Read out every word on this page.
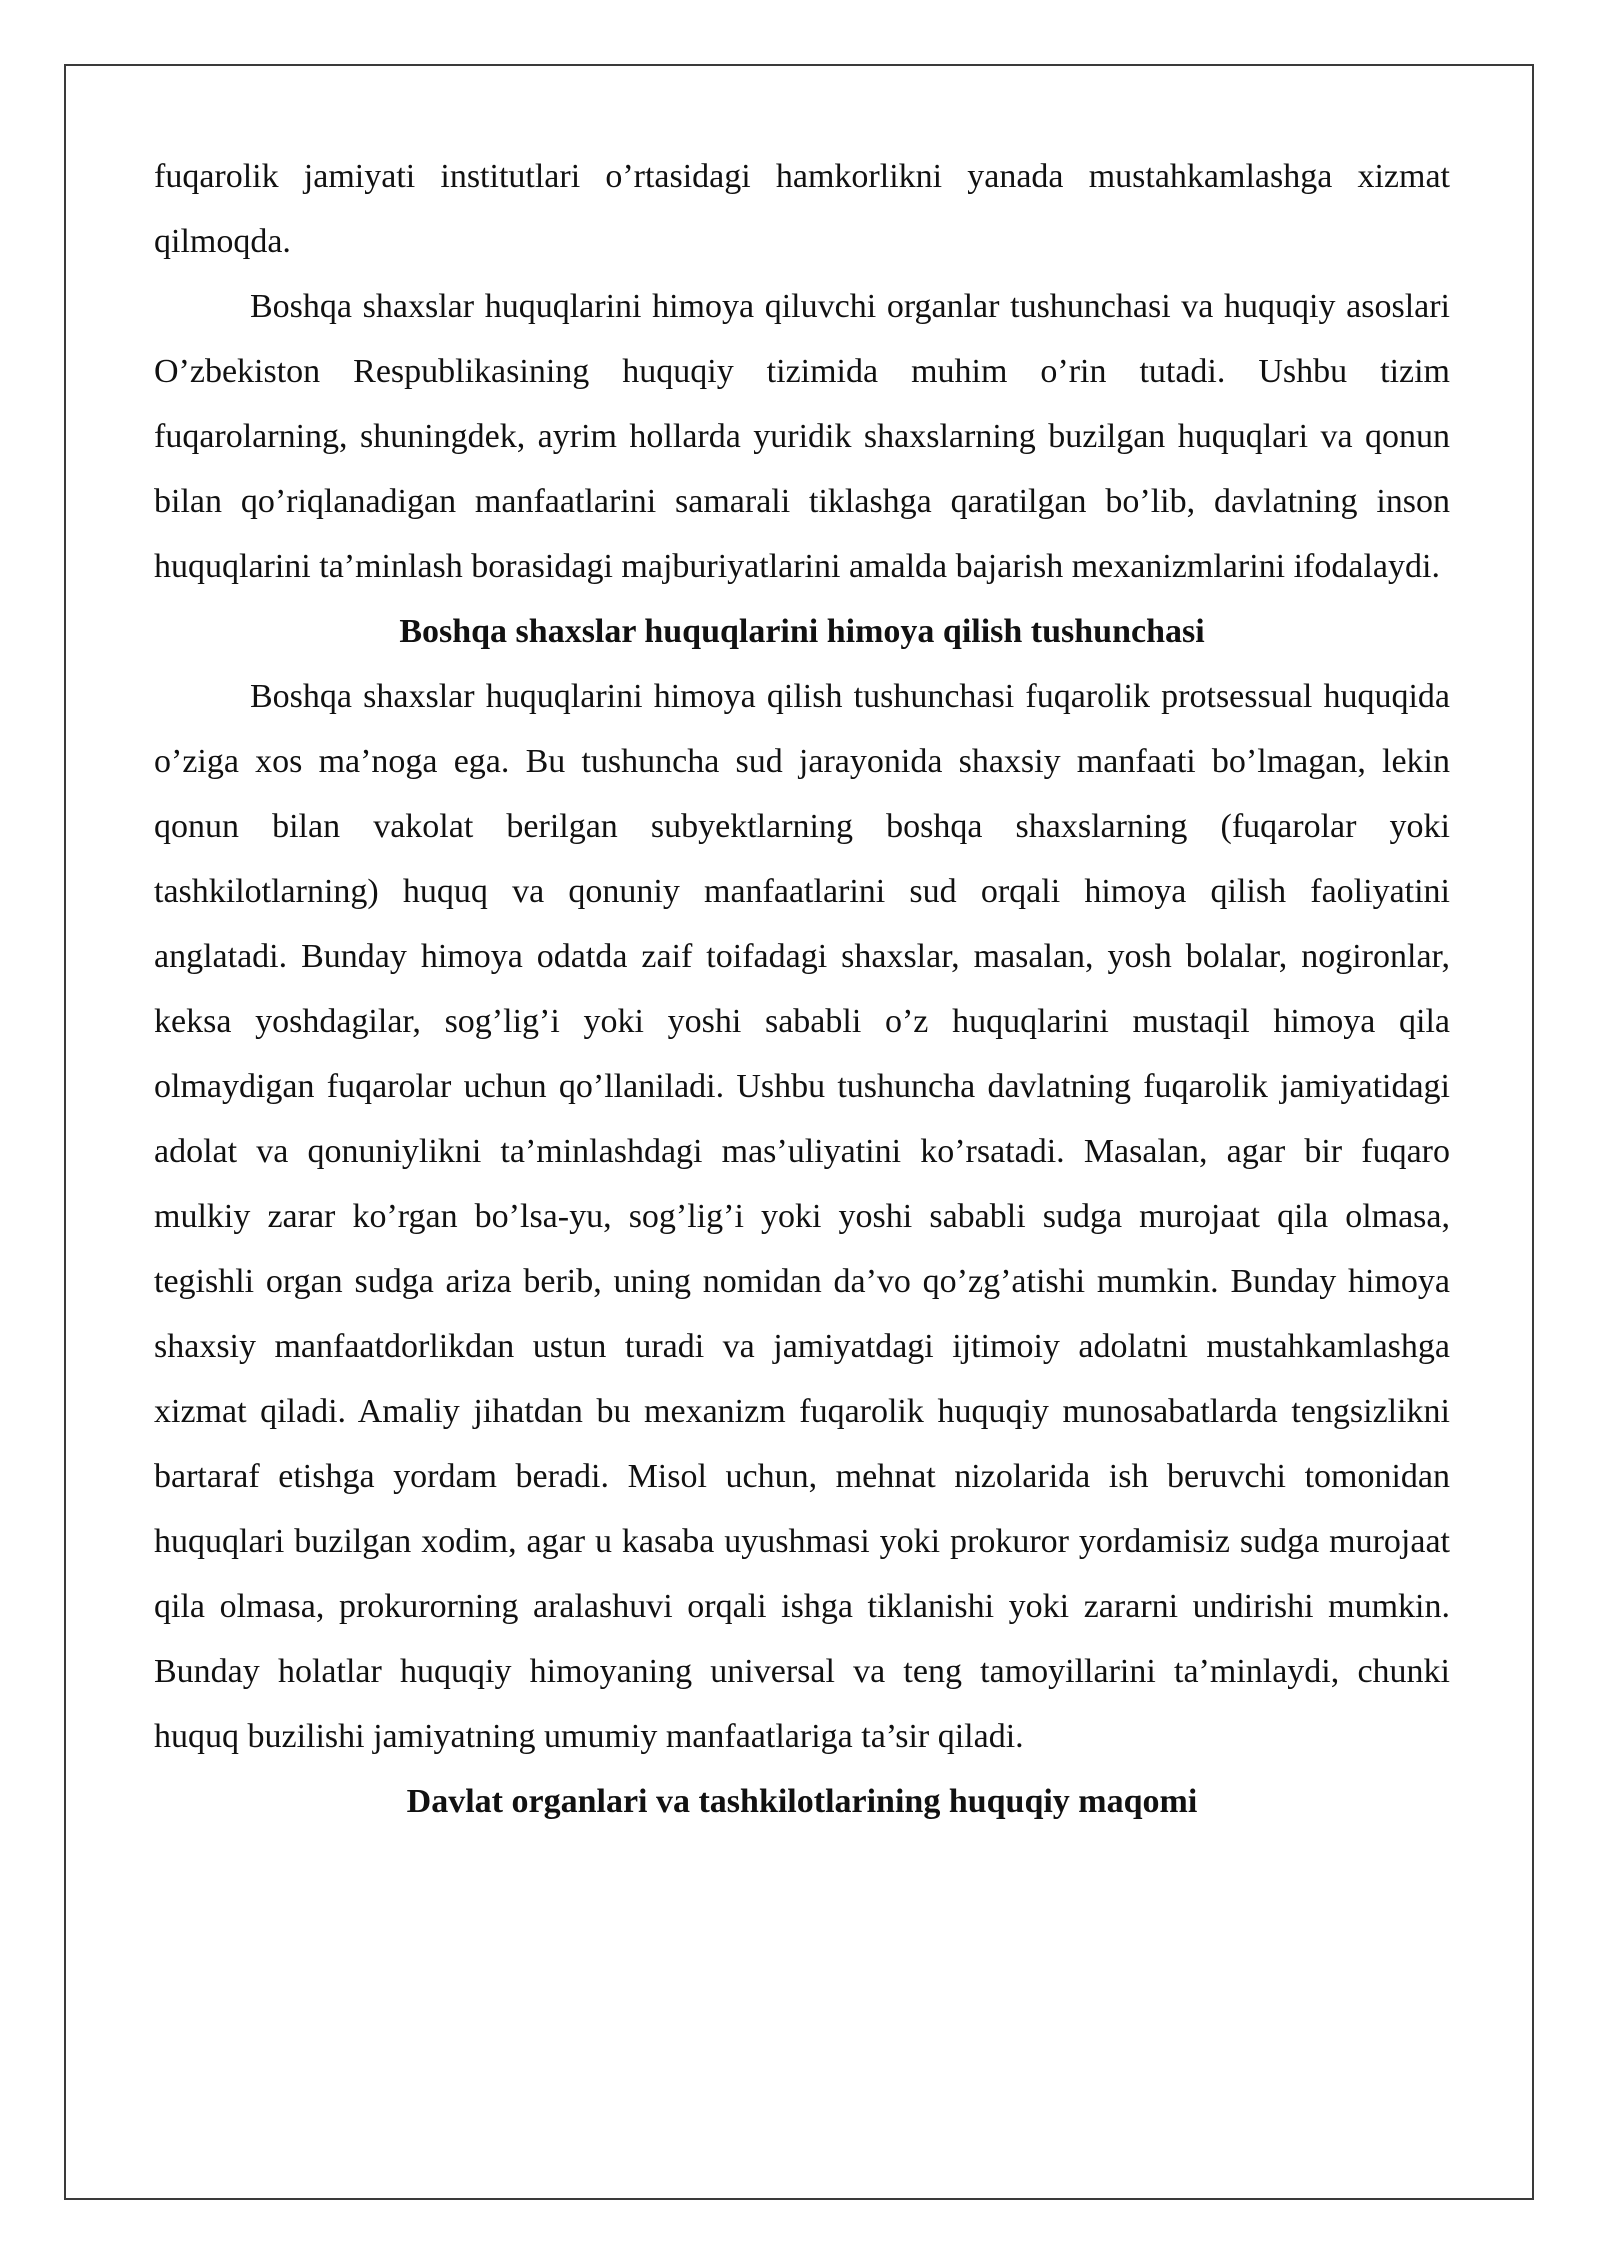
fuqarolik jamiyati institutlari o’rtasidagi hamkorlikni yanada mustahkamlashga xizmat qilmoqda.

Boshqa shaxslar huquqlarini himoya qiluvchi organlar tushunchasi va huquqiy asoslari O’zbekiston Respublikasining huquqiy tizimida muhim o’rin tutadi. Ushbu tizim fuqarolarning, shuningdek, ayrim hollarda yuridik shaxslarning buzilgan huquqlari va qonun bilan qo’riqlanadigan manfaatlarini samarali tiklashga qaratilgan bo’lib, davlatning inson huquqlarini ta’minlash borasidagi majburiyatlarini amalda bajarish mexanizmlarini ifodalaydi.

Boshqa shaxslar huquqlarini himoya qilish tushunchasi

Boshqa shaxslar huquqlarini himoya qilish tushunchasi fuqarolik protsessual huquqida o’ziga xos ma’noga ega. Bu tushuncha sud jarayonida shaxsiy manfaati bo’lmagan, lekin qonun bilan vakolat berilgan subyektlarning boshqa shaxslarning (fuqarolar yoki tashkilotlarning) huquq va qonuniy manfaatlarini sud orqali himoya qilish faoliyatini anglatadi. Bunday himoya odatda zaif toifadagi shaxslar, masalan, yosh bolalar, nogironlar, keksa yoshdagilar, sog’lig’i yoki yoshi sababli o’z huquqlarini mustaqil himoya qila olmaydigan fuqarolar uchun qo’llaniladi. Ushbu tushuncha davlatning fuqarolik jamiyatidagi adolat va qonuniylikni ta’minlashdagi mas’uliyatini ko’rsatadi. Masalan, agar bir fuqaro mulkiy zarar ko’rgan bo’lsa-yu, sog’lig’i yoki yoshi sababli sudga murojaat qila olmasa, tegishli organ sudga ariza berib, uning nomidan da’vo qo’zg’atishi mumkin. Bunday himoya shaxsiy manfaatdorlikdan ustun turadi va jamiyatdagi ijtimoiy adolatni mustahkamlashga xizmat qiladi. Amaliy jihatdan bu mexanizm fuqarolik huquqiy munosabatlarda tengsizlikni bartaraf etishga yordam beradi. Misol uchun, mehnat nizolarida ish beruvchi tomonidan huquqlari buzilgan xodim, agar u kasaba uyushmasi yoki prokuror yordamisiz sudga murojaat qila olmasa, prokurorning aralashuvi orqali ishga tiklanishi yoki zararni undirishi mumkin. Bunday holatlar huquqiy himoyaning universal va teng tamoyillarini ta’minlaydi, chunki huquq buzilishi jamiyatning umumiy manfaatlariga ta’sir qiladi.

Davlat organlari va tashkilotlarining huquqiy maqomi
